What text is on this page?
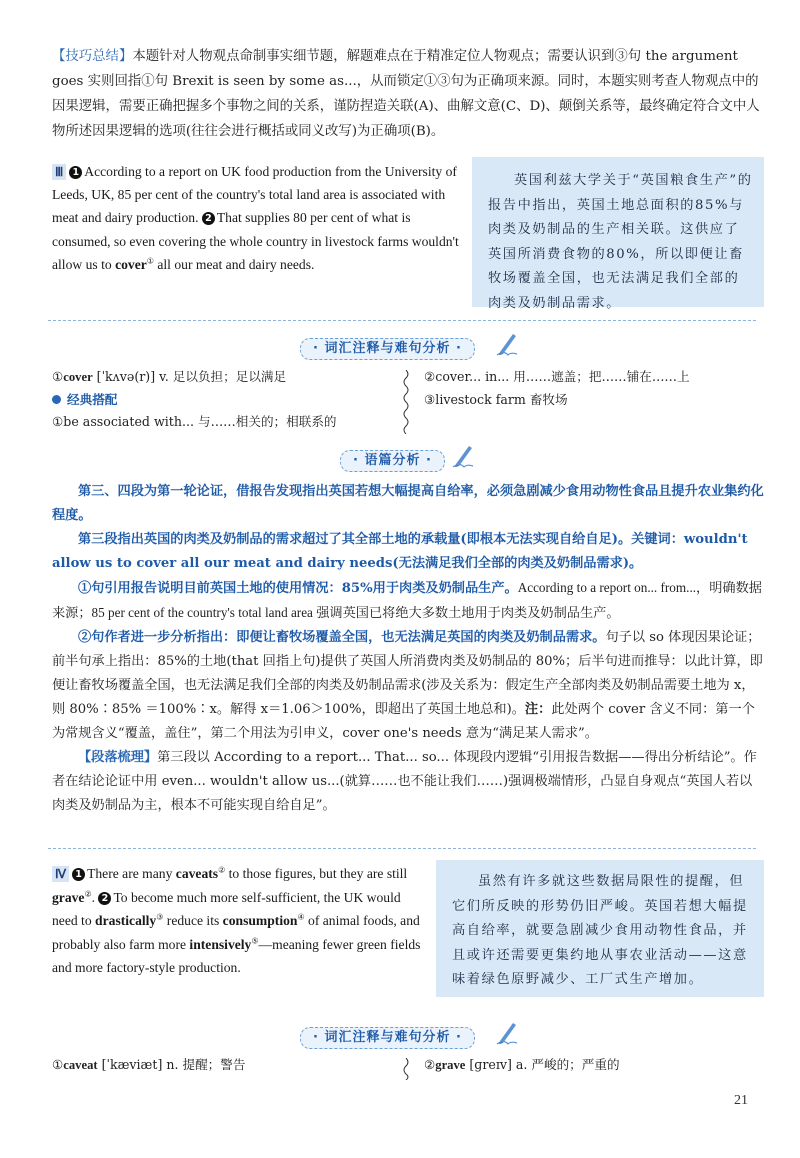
【技巧总结】本题针对人物观点命制事实细节题，解题难点在于精准定位人物观点；需要认识到③句 the argument goes 实则回指①句 Brexit is seen by some as...，从而锁定①③句为正确项来源。同时，本题实则考查人物观点中的因果逻辑，需要正确把握多个事物之间的关系，谨防捏造关联(A)、曲解文意(C、D)、颠倒关系等，最终确定符合文中人物所述因果逻辑的选项(往往会进行概括或同义改写)为正确项(B)。
Ⅲ 1 According to a report on UK food production from the University of Leeds, UK, 85 per cent of the country's total land area is associated with meat and dairy production. 2 That supplies 80 per cent of what is consumed, so even covering the whole country in livestock farms wouldn't allow us to cover① all our meat and dairy needs.
英国利兹大学关于“英国粮食生产”的报告中指出，英国土地总面积的85%与肉类及奶制品的生产相关联。这供应了英国所消费食物的80%，所以即便让畜牧场覆盖全国，也无法满足我们全部的肉类及奶制品需求。
· 词汇注释与难句分析 ·
①cover [ˈkʌvə(r)] v. 足以负担；足以满足
经典搭配
①be associated with... 与……相关的；相联系的
②cover... in... 用……遮盖；把……铺在……上
③livestock farm 畜牧场
· 语篇分析 ·

第三、四段为第一轮论证，借报告发现指出英国若想大幅提高自给率，必须急剧减少食用动物性食品且提升农业集约化程度。

第三段指出英国的肉类及奶制品的需求超过了其全部土地的承载量(即根本无法实现自给自足)。关键词：wouldn't allow us to cover all our meat and dairy needs(无法满足我们全部的肉类及奶制品需求)。

①句引用报告说明目前英国土地的使用情况：85%用于肉类及奶制品生产。According to a report on... from...，明确数据来源；85 per cent of the country's total land area 强调英国已将绝大多数土地用于肉类及奶制品生产。

②句作者进一步分析指出：即便让畜牧场覆盖全国，也无法满足英国的肉类及奶制品需求。句子以 so 体现因果论证；前半句承上指出：85%的土地(that 回指上句)提供了英国人所消费肉类及奶制品的 80%；后半句进而推导：以此计算，即便让畜牧场覆盖全国，也无法满足我们全部的肉类及奶制品需求(涉及关系为：假定生产全部肉类及奶制品需要土地为 x，则 80%∶85% ＝100%∶x。解得 x＝1.06＞100%，即超出了英国土地总和)。注：此处两个 cover 含义不同：第一个为常规含义“覆盖，盖住”，第二个用法为引申义，cover one's needs 意为“满足某人需求”。

【段落梳理】第三段以 According to a report... That... so... 体现段内逻辑“引用报告数据——得出分析结论”。作者在结论论证中用 even... wouldn't allow us...(就算……也不能让我们……)强调极端情形，凸显自身观点“英国人若以肉类及奶制品为主，根本不可能实现自给自足”。

Ⅳ 1 There are many caveats② to those figures, but they are still grave②. 2 To become much more self-sufficient, the UK would need to drastically③ reduce its consumption④ of animal foods, and probably also farm more intensively⑤—meaning fewer green fields and more factory-style production.
虽然有许多就这些数据局限性的提醒，但它们所反映的形势仍旧严峻。英国若想大幅提高自给率，就要急剧减少食用动物性食品，并且或许还需要更集约地从事农业活动——这意味着绿色原野减少、工厂式生产增加。
· 词汇注释与难句分析 ·
①caveat [ˈkæviæt] n. 提醒；警告	②grave [ɡreɪv] a. 严峻的；严重的
21
